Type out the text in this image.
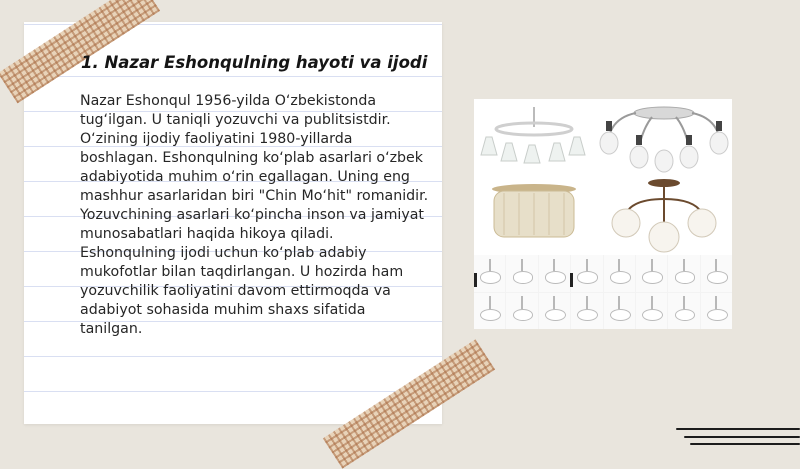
1. Nazar Eshonqulning hayoti va ijodi

Nazar Eshonqul 1956-yilda O‘zbekistonda tug‘ilgan. U taniqli yozuvchi va publitsistdir. O‘zining ijodiy faoliyatini 1980-yillarda boshlagan. Eshonqulning ko‘plab asarlari o‘zbek adabiyotida muhim o‘rin egallagan. Uning eng mashhur asarlaridan biri "Chin Mo‘hit" romanidir. Yozuvchining asarlari ko‘pincha inson va jamiyat munosabatlari haqida hikoya qiladi. Eshonqulning ijodi uchun ko‘plab adabiy mukofotlar bilan taqdirlangan. U hozirda ham yozuvchilik faoliyatini davom ettirmoqda va adabiyot sohasida muhim shaxs sifatida tanilgan.
